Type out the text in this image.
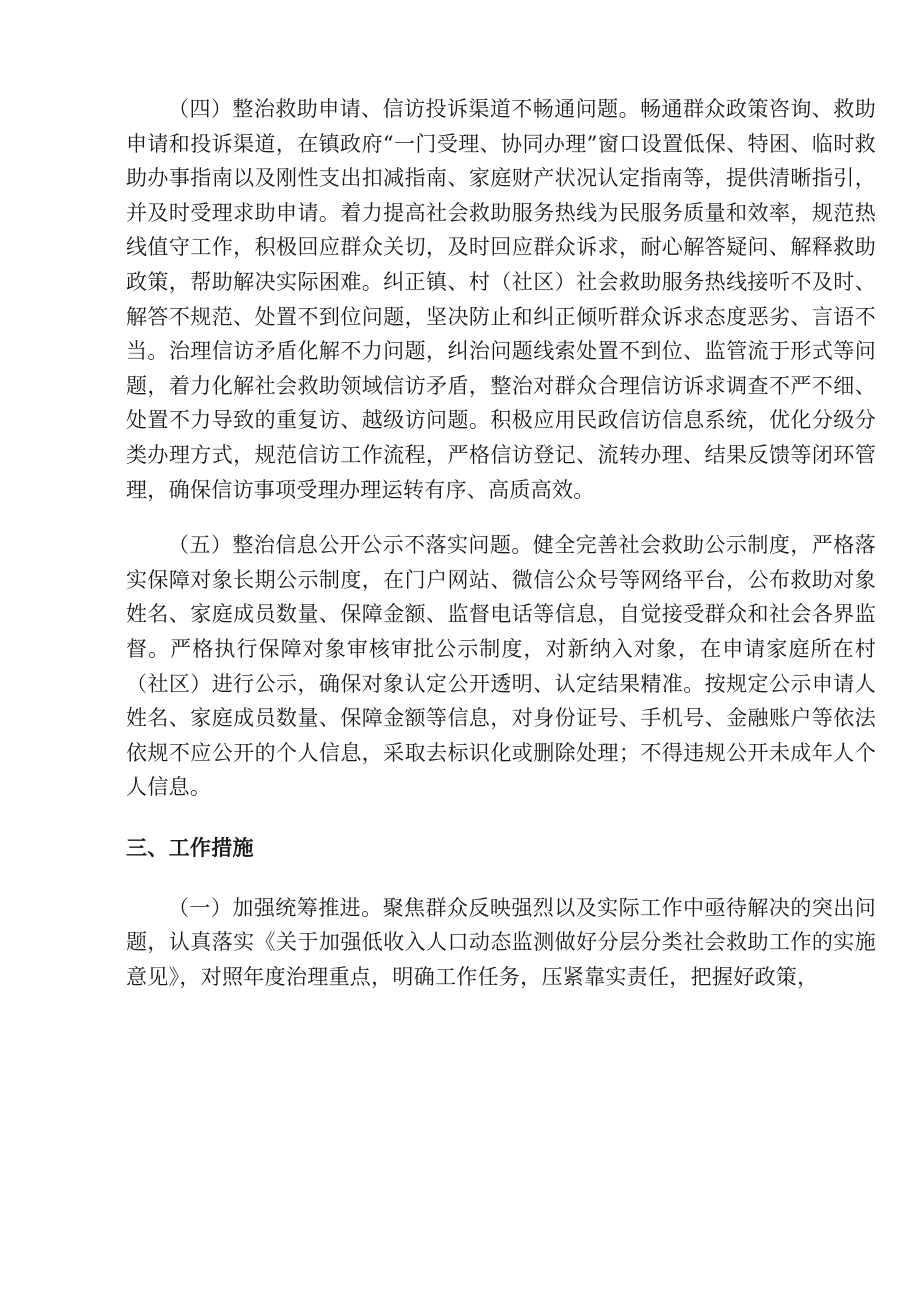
（四）整治救助申请、信访投诉渠道不畅通问题。畅通群众政策咨询、救助申请和投诉渠道，在镇政府“一门受理、协同办理”窗口设置低保、特困、临时救助办事指南以及刚性支出扣减指南、家庭财产状况认定指南等，提供清晰指引，并及时受理求助申请。着力提高社会救助服务热线为民服务质量和效率，规范热线值守工作，积极回应群众关切，及时回应群众诉求，耐心解答疑问、解释救助政策，帮助解决实际困难。纠正镇、村（社区）社会救助服务热线接听不及时、解答不规范、处置不到位问题，坚决防止和纠正倾听群众诉求态度恶劣、言语不当。治理信访矛盾化解不力问题，纠治问题线索处置不到位、监管流于形式等问题，着力化解社会救助领域信访矛盾，整治对群众合理信访诉求调查不严不细、处置不力导致的重复访、越级访问题。积极应用民政信访信息系统，优化分级分类办理方式，规范信访工作流程，严格信访登记、流转办理、结果反馈等闭环管理，确保信访事项受理办理运转有序、高质高效。

（五）整治信息公开公示不落实问题。健全完善社会救助公示制度，严格落实保障对象长期公示制度，在门户网站、微信公众号等网络平台，公布救助对象姓名、家庭成员数量、保障金额、监督电话等信息，自觉接受群众和社会各界监督。严格执行保障对象审核审批公示制度，对新纳入对象，在申请家庭所在村（社区）进行公示，确保对象认定公开透明、认定结果精准。按规定公示申请人姓名、家庭成员数量、保障金额等信息，对身份证号、手机号、金融账户等依法依规不应公开的个人信息，采取去标识化或删除处理；不得违规公开未成年人个人信息。

三、工作措施

（一）加强统筹推进。聚焦群众反映强烈以及实际工作中亟待解决的突出问题，认真落实《关于加强低收入人口动态监测做好分层分类社会救助工作的实施意见》，对照年度治理重点，明确工作任务，压紧靠实责任，把握好政策，
